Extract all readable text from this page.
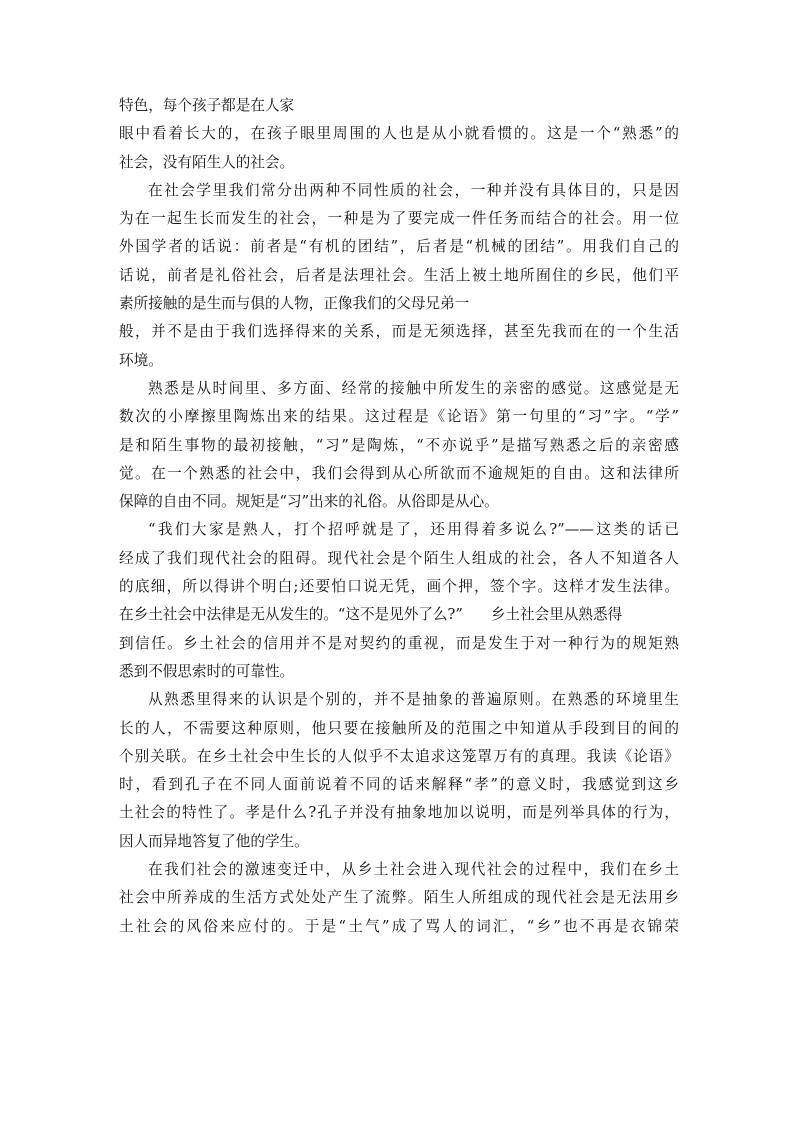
特色，每个孩子都是在人家
眼中看着长大的，在孩子眼里周围的人也是从小就看惯的。这是一个“熟悉”的
社会，没有陌生人的社会。
在社会学里我们常分出两种不同性质的社会，一种并没有具体目的，只是因
为在一起生长而发生的社会，一种是为了要完成一件任务而结合的社会。用一位
外国学者的话说：前者是“有机的团结”，后者是“机械的团结”。用我们自己的
话说，前者是礼俗社会，后者是法理社会。生活上被土地所囿住的乡民，他们平
素所接触的是生而与俱的人物，正像我们的父母兄弟一
般，并不是由于我们选择得来的关系，而是无须选择，甚至先我而在的一个生活
环境。
熟悉是从时间里、多方面、经常的接触中所发生的亲密的感觉。这感觉是无
数次的小摩擦里陶炼出来的结果。这过程是《论语》第一句里的“习”字。“学”
是和陌生事物的最初接触，“习”是陶炼，“不亦说乎”是描写熟悉之后的亲密感
觉。在一个熟悉的社会中，我们会得到从心所欲而不逾规矩的自由。这和法律所
保障的自由不同。规矩是“习”出来的礼俗。从俗即是从心。
“我们大家是熟人，打个招呼就是了，还用得着多说么?”——这类的话已
经成了我们现代社会的阻碍。现代社会是个陌生人组成的社会，各人不知道各人
的底细，所以得讲个明白;还要怕口说无凭，画个押，签个字。这样才发生法律。
在乡土社会中法律是无从发生的。“这不是见外了么?” 乡土社会里从熟悉得
到信任。乡土社会的信用并不是对契约的重视，而是发生于对一种行为的规矩熟
悉到不假思索时的可靠性。
从熟悉里得来的认识是个别的，并不是抽象的普遍原则。在熟悉的环境里生
长的人，不需要这种原则，他只要在接触所及的范围之中知道从手段到目的间的
个别关联。在乡土社会中生长的人似乎不太追求这笼罩万有的真理。我读《论语》
时，看到孔子在不同人面前说着不同的话来解释“孝”的意义时，我感觉到这乡
土社会的特性了。孝是什么?孔子并没有抽象地加以说明，而是列举具体的行为，
因人而异地答复了他的学生。
在我们社会的激速变迁中，从乡土社会进入现代社会的过程中，我们在乡土
社会中所养成的生活方式处处产生了流弊。陌生人所组成的现代社会是无法用乡
土社会的风俗来应付的。于是“土气”成了骂人的词汇，“乡”也不再是衣锦荣
